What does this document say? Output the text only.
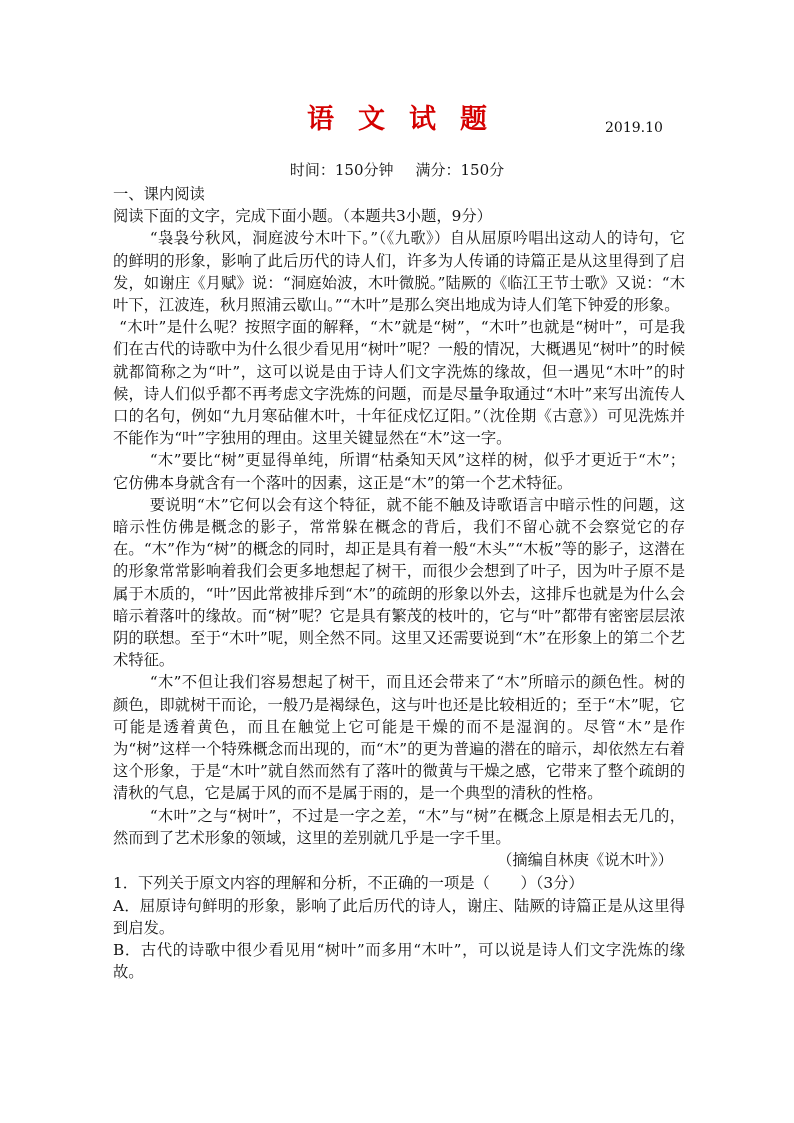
语文试题	2019.10
时间：150分钟 满分：150分

一、课内阅读

阅读下面的文字，完成下面小题。（本题共3小题，9分）

“袅袅兮秋风，洞庭波兮木叶下。”（《九歌》）自从屈原吟唱出这动人的诗句，它的鲜明的形象，影响了此后历代的诗人们，许多为人传诵的诗篇正是从这里得到了启发，如谢庄《月赋》说：“洞庭始波，木叶微脱。”陆厥的《临江王节士歌》又说：“木叶下，江波连，秋月照浦云歇山。”“木叶”是那么突出地成为诗人们笔下钟爱的形象。

“木叶”是什么呢？按照字面的解释，“木”就是“树”，“木叶”也就是“树叶”，可是我们在古代的诗歌中为什么很少看见用“树叶”呢？一般的情况，大概遇见“树叶”的时候就都简称之为“叶”，这可以说是由于诗人们文字洗炼的缘故，但一遇见“木叶”的时候，诗人们似乎都不再考虑文字洗炼的问题，而是尽量争取通过“木叶”来写出流传人口的名句，例如“九月寒砧催木叶，十年征戍忆辽阳。”（沈佺期《古意》）可见洗炼并不能作为“叶”字独用的理由。这里关键显然在“木”这一字。

“木”要比“树”更显得单纯，所谓“枯桑知天风”这样的树，似乎才更近于“木”；它仿佛本身就含有一个落叶的因素，这正是“木”的第一个艺术特征。

要说明“木”它何以会有这个特征，就不能不触及诗歌语言中暗示性的问题，这暗示性仿佛是概念的影子，常常躲在概念的背后，我们不留心就不会察觉它的存在。“木”作为“树”的概念的同时，却正是具有着一般“木头”“木板”等的影子，这潜在的形象常常影响着我们会更多地想起了树干，而很少会想到了叶子，因为叶子原不是属于木质的，“叶”因此常被排斥到“木”的疏朗的形象以外去，这排斥也就是为什么会暗示着落叶的缘故。而“树”呢？它是具有繁茂的枝叶的，它与“叶”都带有密密层层浓阴的联想。至于“木叶”呢，则全然不同。这里又还需要说到“木”在形象上的第二个艺术特征。

“木”不但让我们容易想起了树干，而且还会带来了“木”所暗示的颜色性。树的颜色，即就树干而论，一般乃是褐绿色，这与叶也还是比较相近的；至于“木”呢，它可能是透着黄色，而且在触觉上它可能是干燥的而不是湿润的。尽管“木”是作为“树”这样一个特殊概念而出现的，而“木”的更为普遍的潜在的暗示，却依然左右着这个形象，于是“木叶”就自然而然有了落叶的微黄与干燥之感，它带来了整个疏朗的清秋的气息，它是属于风的而不是属于雨的，是一个典型的清秋的性格。

“木叶”之与“树叶”，不过是一字之差，“木”与“树”在概念上原是相去无几的，然而到了艺术形象的领域，这里的差别就几乎是一字千里。

（摘编自林庚《说木叶》）

1．下列关于原文内容的理解和分析，不正确的一项是（　　）（3分）

A．屈原诗句鲜明的形象，影响了此后历代的诗人，谢庄、陆厥的诗篇正是从这里得到启发。

B．古代的诗歌中很少看见用“树叶”而多用“木叶”，可以说是诗人们文字洗炼的缘故。
